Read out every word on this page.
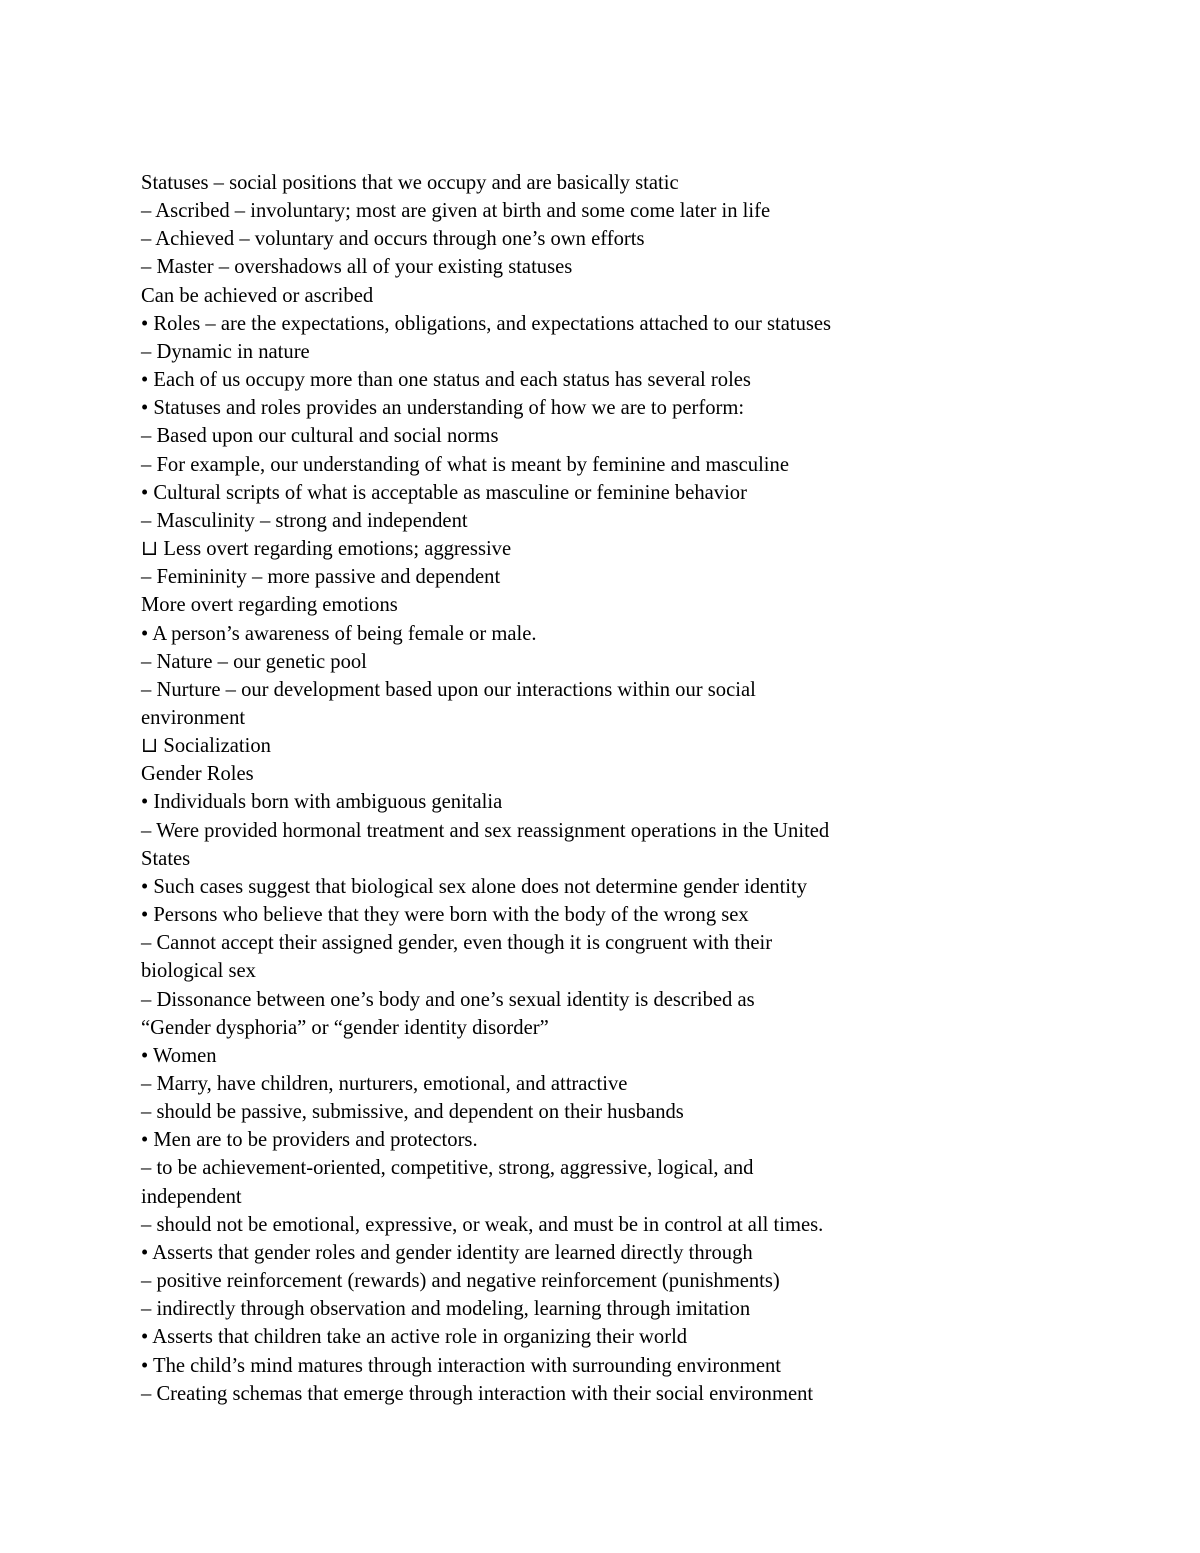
Statuses – social positions that we occupy and are basically static
– Ascribed – involuntary; most are given at birth and some come later in life
– Achieved – voluntary and occurs through one’s own efforts
– Master – overshadows all of your existing statuses
Can be achieved or ascribed
• Roles – are the expectations, obligations, and expectations attached to our statuses
– Dynamic in nature
• Each of us occupy more than one status and each status has several roles
• Statuses and roles provides an understanding of how we are to perform:
– Based upon our cultural and social norms
– For example, our understanding of what is meant by feminine and masculine
• Cultural scripts of what is acceptable as masculine or feminine behavior
– Masculinity – strong and independent
⊔ Less overt regarding emotions; aggressive
– Femininity – more passive and dependent
More overt regarding emotions
• A person’s awareness of being female or male.
– Nature – our genetic pool
– Nurture – our development based upon our interactions within our social
environment
⊔ Socialization
Gender Roles
• Individuals born with ambiguous genitalia
– Were provided hormonal treatment and sex reassignment operations in the United
States
• Such cases suggest that biological sex alone does not determine gender identity
• Persons who believe that they were born with the body of the wrong sex
– Cannot accept their assigned gender, even though it is congruent with their
biological sex
– Dissonance between one’s body and one’s sexual identity is described as
“Gender dysphoria” or “gender identity disorder”
• Women
– Marry, have children, nurturers, emotional, and attractive
– should be passive, submissive, and dependent on their husbands
• Men are to be providers and protectors.
– to be achievement-oriented, competitive, strong, aggressive, logical, and
independent
– should not be emotional, expressive, or weak, and must be in control at all times.
• Asserts that gender roles and gender identity are learned directly through
– positive reinforcement (rewards) and negative reinforcement (punishments)
– indirectly through observation and modeling, learning through imitation
• Asserts that children take an active role in organizing their world
• The child’s mind matures through interaction with surrounding environment
– Creating schemas that emerge through interaction with their social environment
